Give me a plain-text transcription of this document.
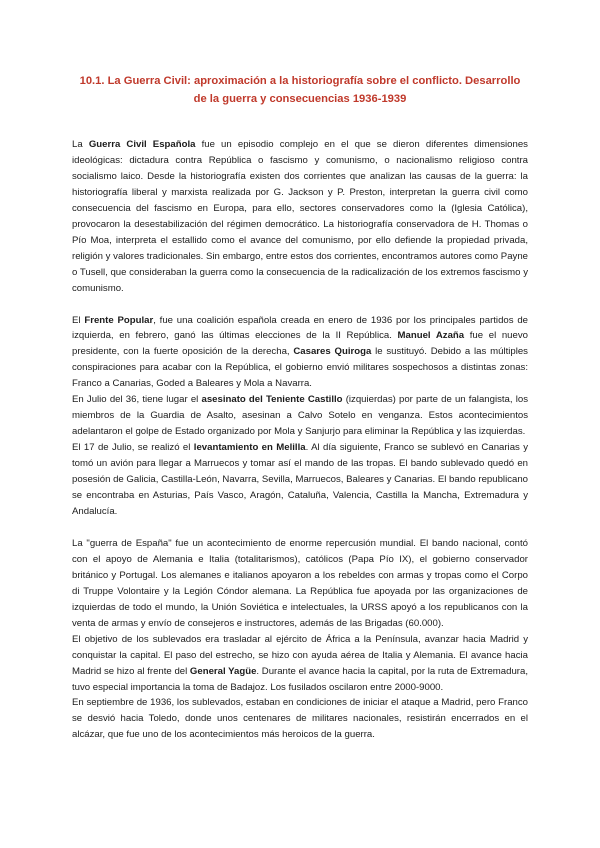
10.1. La Guerra Civil: aproximación a la historiografía sobre el conflicto. Desarrollo de la guerra y consecuencias 1936-1939

La Guerra Civil Española fue un episodio complejo en el que se dieron diferentes dimensiones ideológicas: dictadura contra República o fascismo y comunismo, o nacionalismo religioso contra socialismo laico. Desde la historiografía existen dos corrientes que analizan las causas de la guerra: la historiografía liberal y marxista realizada por G. Jackson y P. Preston, interpretan la guerra civil como consecuencia del fascismo en Europa, para ello, sectores conservadores como la (Iglesia Católica), provocaron la desestabilización del régimen democrático. La historiografía conservadora de H. Thomas o Pío Moa, interpreta el estallido como el avance del comunismo, por ello defiende la propiedad privada, religión y valores tradicionales. Sin embargo, entre estos dos corrientes, encontramos autores como Payne o Tusell, que consideraban la guerra como la consecuencia de la radicalización de los extremos fascismo y comunismo.

El Frente Popular, fue una coalición española creada en enero de 1936 por los principales partidos de izquierda, en febrero, ganó las últimas elecciones de la II República. Manuel Azaña fue el nuevo presidente, con la fuerte oposición de la derecha, Casares Quiroga le sustituyó. Debido a las múltiples conspiraciones para acabar con la República, el gobierno envió militares sospechosos a distintas zonas: Franco a Canarias, Goded a Baleares y Mola a Navarra.

En Julio del 36, tiene lugar el asesinato del Teniente Castillo (izquierdas) por parte de un falangista, los miembros de la Guardia de Asalto, asesinan a Calvo Sotelo en venganza. Estos acontecimientos adelantaron el golpe de Estado organizado por Mola y Sanjurjo para eliminar la República y las izquierdas.

El 17 de Julio, se realizó el levantamiento en Melilla. Al día siguiente, Franco se sublevó en Canarias y tomó un avión para llegar a Marruecos y tomar así el mando de las tropas. El bando sublevado quedó en posesión de Galicia, Castilla-León, Navarra, Sevilla, Marruecos, Baleares y Canarias. El bando republicano se encontraba en Asturias, País Vasco, Aragón, Cataluña, Valencia, Castilla la Mancha, Extremadura y Andalucía.

La "guerra de España" fue un acontecimiento de enorme repercusión mundial. El bando nacional, contó con el apoyo de Alemania e Italia (totalitarismos), católicos (Papa Pío IX), el gobierno conservador británico y Portugal. Los alemanes e italianos apoyaron a los rebeldes con armas y tropas como el Corpo di Truppe Volontaire y la Legión Cóndor alemana. La República fue apoyada por las organizaciones de izquierdas de todo el mundo, la Unión Soviética e intelectuales, la URSS apoyó a los republicanos con la venta de armas y envío de consejeros e instructores, además de las Brigadas (60.000).

El objetivo de los sublevados era trasladar al ejército de África a la Península, avanzar hacia Madrid y conquistar la capital. El paso del estrecho, se hizo con ayuda aérea de Italia y Alemania. El avance hacia Madrid se hizo al frente del General Yagüe. Durante el avance hacia la capital, por la ruta de Extremadura, tuvo especial importancia la toma de Badajoz. Los fusilados oscilaron entre 2000-9000.

En septiembre de 1936, los sublevados, estaban en condiciones de iniciar el ataque a Madrid, pero Franco se desvió hacia Toledo, donde unos centenares de militares nacionales, resistirán encerrados en el alcázar, que fue uno de los acontecimientos más heroicos de la guerra.
